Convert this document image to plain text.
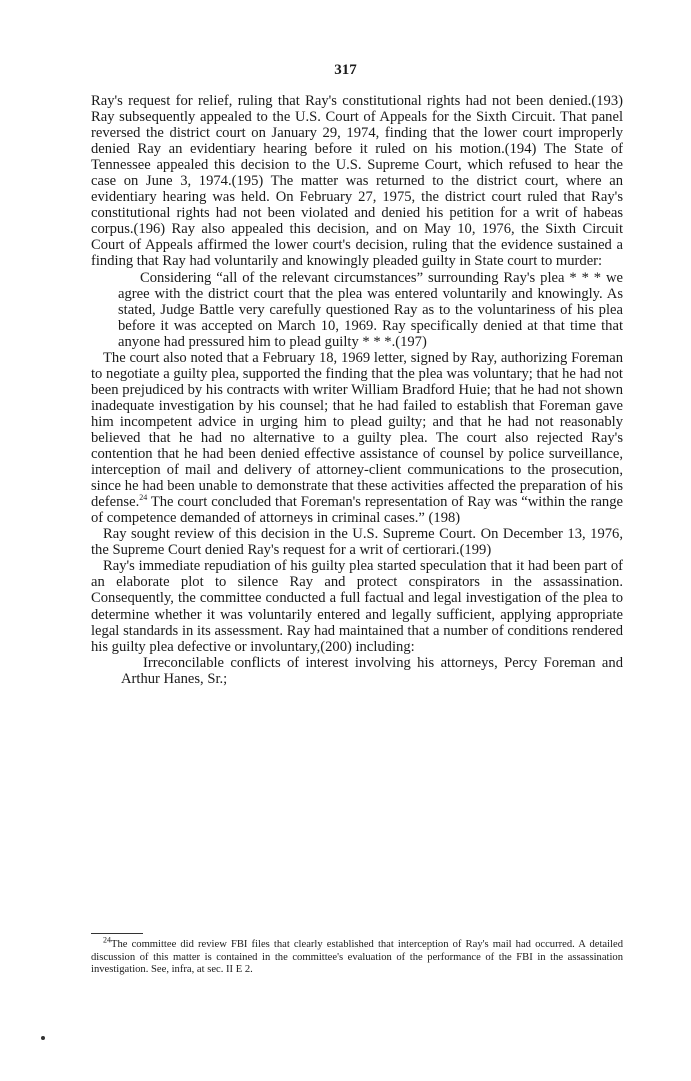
317

Ray's request for relief, ruling that Ray's constitutional rights had not been denied.(193) Ray subsequently appealed to the U.S. Court of Appeals for the Sixth Circuit. That panel reversed the district court on January 29, 1974, finding that the lower court improperly denied Ray an evidentiary hearing before it ruled on his motion.(194) The State of Tennessee appealed this decision to the U.S. Supreme Court, which refused to hear the case on June 3, 1974.(195) The matter was returned to the district court, where an evidentiary hearing was held. On February 27, 1975, the district court ruled that Ray's constitutional rights had not been violated and denied his petition for a writ of habeas corpus.(196) Ray also appealed this decision, and on May 10, 1976, the Sixth Circuit Court of Appeals affirmed the lower court's decision, ruling that the evidence sustained a finding that Ray had voluntarily and knowingly pleaded guilty in State court to murder:

Considering “all of the relevant circumstances” surrounding Ray's plea * * * we agree with the district court that the plea was entered voluntarily and knowingly. As stated, Judge Battle very carefully questioned Ray as to the voluntariness of his plea before it was accepted on March 10, 1969. Ray specifically denied at that time that anyone had pressured him to plead guilty * * *.(197)

The court also noted that a February 18, 1969 letter, signed by Ray, authorizing Foreman to negotiate a guilty plea, supported the finding that the plea was voluntary; that he had not been prejudiced by his contracts with writer William Bradford Huie; that he had not shown inadequate investigation by his counsel; that he had failed to establish that Foreman gave him incompetent advice in urging him to plead guilty; and that he had not reasonably believed that he had no alternative to a guilty plea. The court also rejected Ray's contention that he had been denied effective assistance of counsel by police surveillance, interception of mail and delivery of attorney-client communications to the prosecution, since he had been unable to demonstrate that these activities affected the preparation of his defense.$^{24}$ The court concluded that Foreman's representation of Ray was “within the range of competence demanded of attorneys in criminal cases.” (198)

Ray sought review of this decision in the U.S. Supreme Court. On December 13, 1976, the Supreme Court denied Ray's request for a writ of certiorari.(199)

Ray's immediate repudiation of his guilty plea started speculation that it had been part of an elaborate plot to silence Ray and protect conspirators in the assassination. Consequently, the committee conducted a full factual and legal investigation of the plea to determine whether it was voluntarily entered and legally sufficient, applying appropriate legal standards in its assessment. Ray had maintained that a number of conditions rendered his guilty plea defective or involuntary,(200) including:

Irreconcilable conflicts of interest involving his attorneys, Percy Foreman and Arthur Hanes, Sr.;

$^{24}$The committee did review FBI files that clearly established that interception of Ray's mail had occurred. A detailed discussion of this matter is contained in the committee's evaluation of the performance of the FBI in the assassination investigation. See, infra, at sec. II E 2.
